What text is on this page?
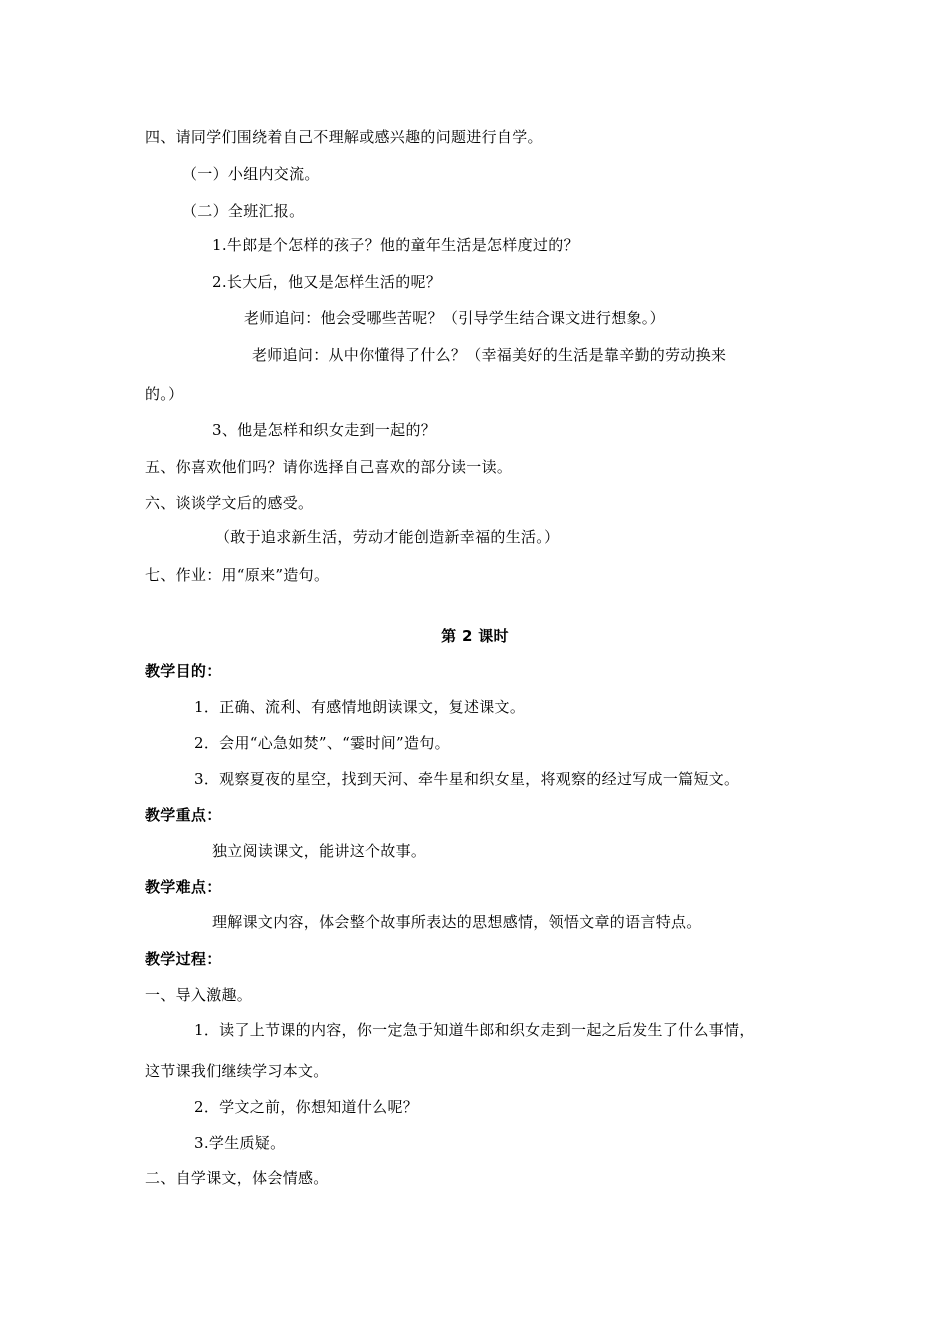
四、请同学们围绕着自己不理解或感兴趣的问题进行自学。
（一）小组内交流。
（二）全班汇报。
1.牛郎是个怎样的孩子？他的童年生活是怎样度过的？
2.长大后，他又是怎样生活的呢？
老师追问：他会受哪些苦呢？（引导学生结合课文进行想象。）
老师追问：从中你懂得了什么？（幸福美好的生活是靠辛勤的劳动换来
的。）
3、他是怎样和织女走到一起的？
五、你喜欢他们吗？请你选择自己喜欢的部分读一读。
六、谈谈学文后的感受。
（敢于追求新生活，劳动才能创造新幸福的生活。）
七、作业：用“原来”造句。
第 2 课时
教学目的：
1．正确、流利、有感情地朗读课文，复述课文。
2．会用“心急如焚”、“霎时间”造句。
3．观察夏夜的星空，找到天河、牵牛星和织女星，将观察的经过写成一篇短文。
教学重点：
独立阅读课文，能讲这个故事。
教学难点：
理解课文内容，体会整个故事所表达的思想感情，领悟文章的语言特点。
教学过程：
一、导入激趣。
1．读了上节课的内容，你一定急于知道牛郎和织女走到一起之后发生了什么事情，
这节课我们继续学习本文。
2．学文之前，你想知道什么呢？
3.学生质疑。
二、自学课文，体会情感。
